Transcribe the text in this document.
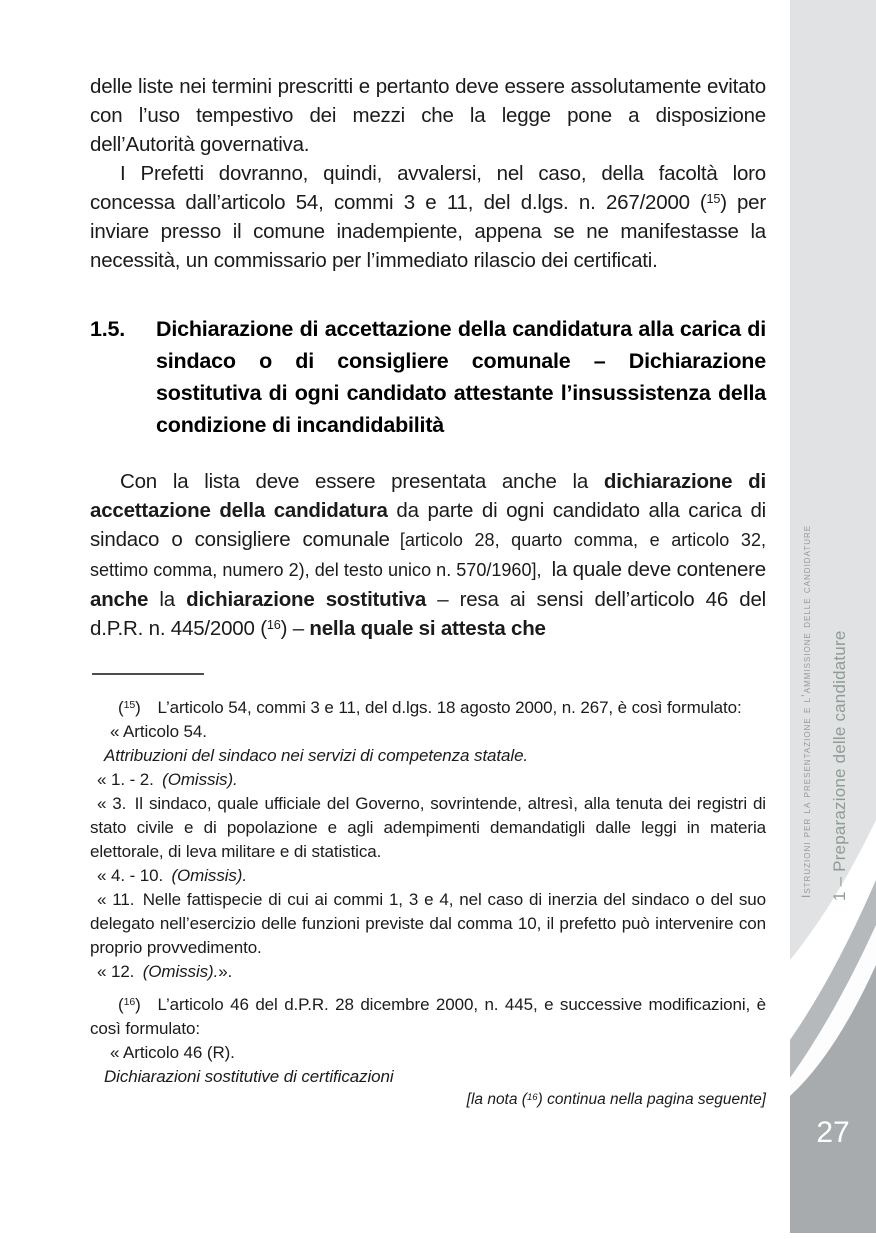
delle liste nei termini prescritti e pertanto deve essere assolutamente evitato con l’uso tempestivo dei mezzi che la legge pone a disposizione dell’Autorità governativa.

I Prefetti dovranno, quindi, avvalersi, nel caso, della facoltà loro concessa dall’articolo 54, commi 3 e 11, del d.lgs. n. 267/2000 ($^{15}$) per inviare presso il comune inadempiente, appena se ne manifestasse la necessità, un commissario per l’immediato rilascio dei certificati.

1.5.	Dichiarazione di accettazione della candidatura alla carica di sindaco o di consigliere comunale – Dichiarazione sostitutiva di ogni candidato attestante l’insussistenza della condizione di incandidabilità

Con la lista deve essere presentata anche la dichiarazione di accettazione della candidatura da parte di ogni candidato alla carica di sindaco o consigliere comunale [articolo 28, quarto comma, e articolo 32, settimo comma, numero 2), del testo unico n. 570/1960], la quale deve contenere anche la dichiarazione sostitutiva – resa ai sensi dell’articolo 46 del d.P.R. n. 445/2000 ($^{16}$) – nella quale si attesta che

($^{15}$) L’articolo 54, commi 3 e 11, del d.lgs. 18 agosto 2000, n. 267, è così formulato:

« Articolo 54.

Attribuzioni del sindaco nei servizi di competenza statale.

« 1. - 2. (Omissis).

« 3. Il sindaco, quale ufficiale del Governo, sovrintende, altresì, alla tenuta dei registri di stato civile e di popolazione e agli adempimenti demandatigli dalle leggi in materia elettorale, di leva militare e di statistica.

« 4. - 10. (Omissis).

« 11. Nelle fattispecie di cui ai commi 1, 3 e 4, nel caso di inerzia del sindaco o del suo delegato nell’esercizio delle funzioni previste dal comma 10, il prefetto può intervenire con proprio provvedimento.

« 12. (Omissis).».

($^{16}$) L’articolo 46 del d.P.R. 28 dicembre 2000, n. 445, e successive modificazioni, è così formulato:

« Articolo 46 (R).

Dichiarazioni sostitutive di certificazioni

[la nota ($^{16}$) continua nella pagina seguente]

Istruzioni per la presentazione e l’ammissione delle candidature 1 – Preparazione delle candidature
27
